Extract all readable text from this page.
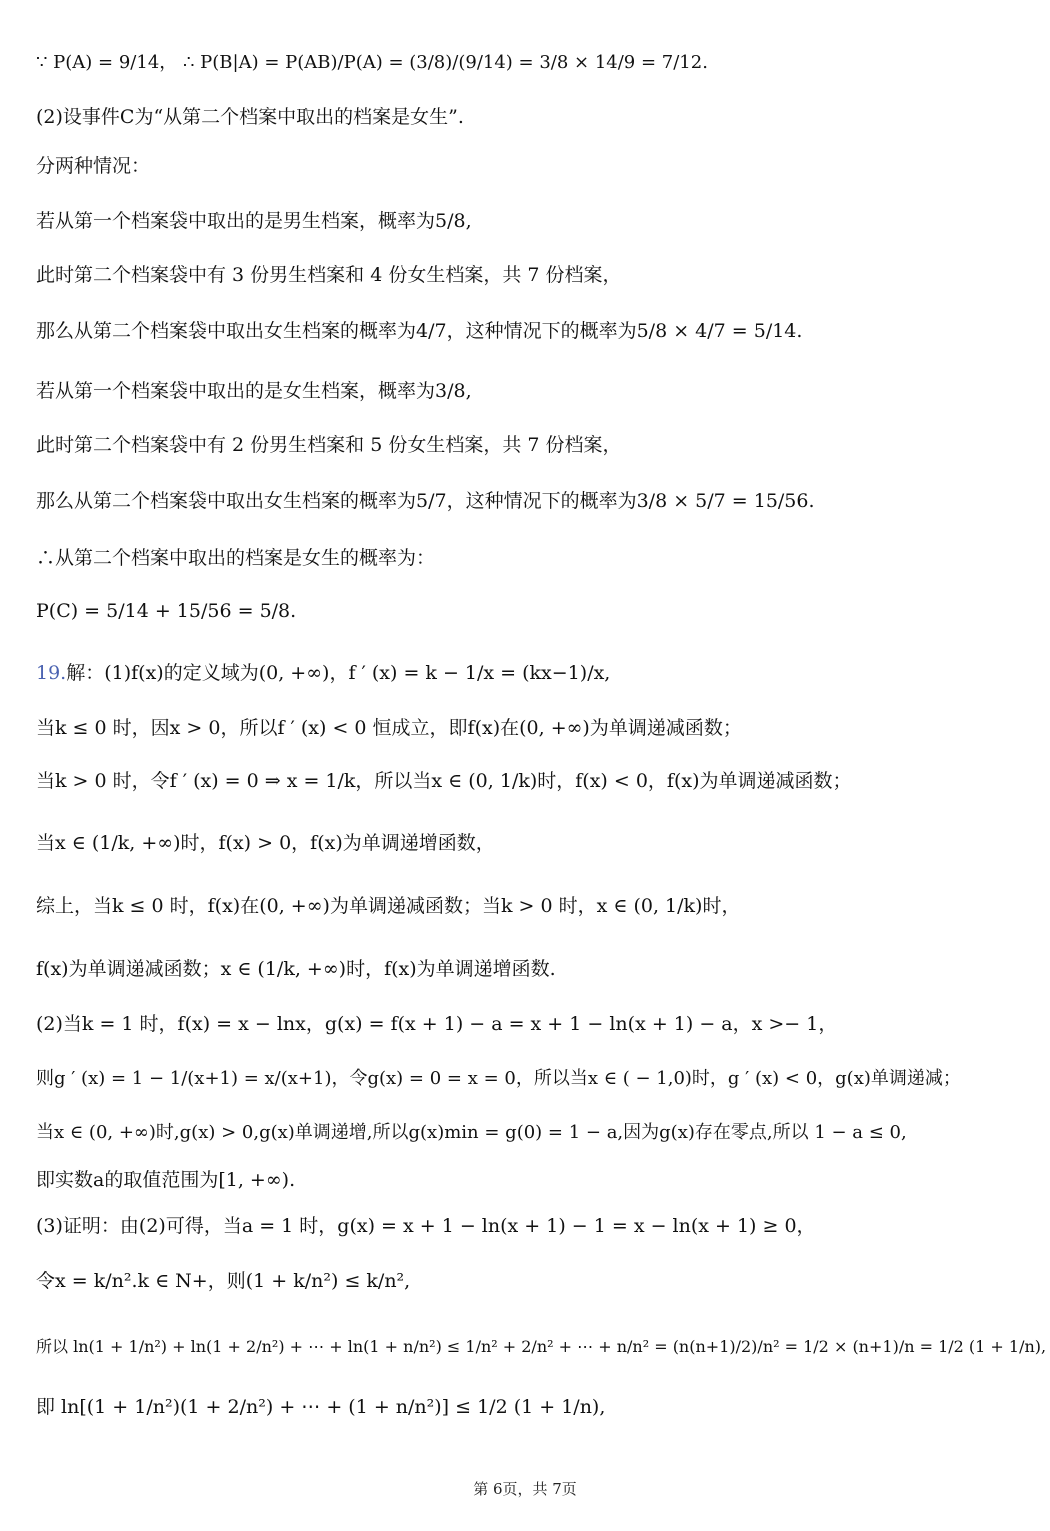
∵ P(A) = 9/14， ∴ P(B|A) = P(AB)/P(A) = (3/8)/(9/14) = 3/8 × 14/9 = 7/12.
(2)设事件C为“从第二个档案中取出的档案是女生”.
分两种情况：
若从第一个档案袋中取出的是男生档案，概率为5/8,
此时第二个档案袋中有 3 份男生档案和 4 份女生档案，共 7 份档案，
那么从第二个档案袋中取出女生档案的概率为4/7，这种情况下的概率为5/8 × 4/7 = 5/14.
若从第一个档案袋中取出的是女生档案，概率为3/8,
此时第二个档案袋中有 2 份男生档案和 5 份女生档案，共 7 份档案，
那么从第二个档案袋中取出女生档案的概率为5/7，这种情况下的概率为3/8 × 5/7 = 15/56.
∴从第二个档案中取出的档案是女生的概率为：
P(C) = 5/14 + 15/56 = 5/8.
19.解：(1)f(x)的定义域为(0, +∞)，f ′ (x) = k − 1/x = (kx−1)/x,
当k ≤ 0 时，因x > 0，所以f ′ (x) < 0 恒成立，即f(x)在(0, +∞)为单调递减函数；
当k > 0 时，令f ′ (x) = 0 ⇒ x = 1/k，所以当x ∈ (0, 1/k)时，f(x) < 0，f(x)为单调递减函数；
当x ∈ (1/k, +∞)时，f(x) > 0，f(x)为单调递增函数，
综上，当k ≤ 0 时，f(x)在(0, +∞)为单调递减函数；当k > 0 时，x ∈ (0, 1/k)时，
f(x)为单调递减函数；x ∈ (1/k, +∞)时，f(x)为单调递增函数.
(2)当k = 1 时，f(x) = x − lnx，g(x) = f(x + 1) − a = x + 1 − ln(x + 1) − a，x >− 1，
则g ′ (x) = 1 − 1/(x+1) = x/(x+1)，令g(x) = 0 = x = 0，所以当x ∈ ( − 1,0)时，g ′ (x) < 0，g(x)单调递减；
当x ∈ (0, +∞)时,g(x) > 0,g(x)单调递增,所以g(x)min = g(0) = 1 − a,因为g(x)存在零点,所以 1 − a ≤ 0,
即实数a的取值范围为[1, +∞).
(3)证明：由(2)可得，当a = 1 时，g(x) = x + 1 − ln(x + 1) − 1 = x − ln(x + 1) ≥ 0，
令x = k/n².k ∈ N+，则(1 + k/n²) ≤ k/n²,
所以 ln(1 + 1/n²) + ln(1 + 2/n²) + ⋯ + ln(1 + n/n²) ≤ 1/n² + 2/n² + ⋯ + n/n² = (n(n+1)/2)/n² = 1/2 × (n+1)/n = 1/2 (1 + 1/n),
即 ln[(1 + 1/n²)(1 + 2/n²) + ⋯ + (1 + n/n²)] ≤ 1/2 (1 + 1/n),
第 6页，共 7页
